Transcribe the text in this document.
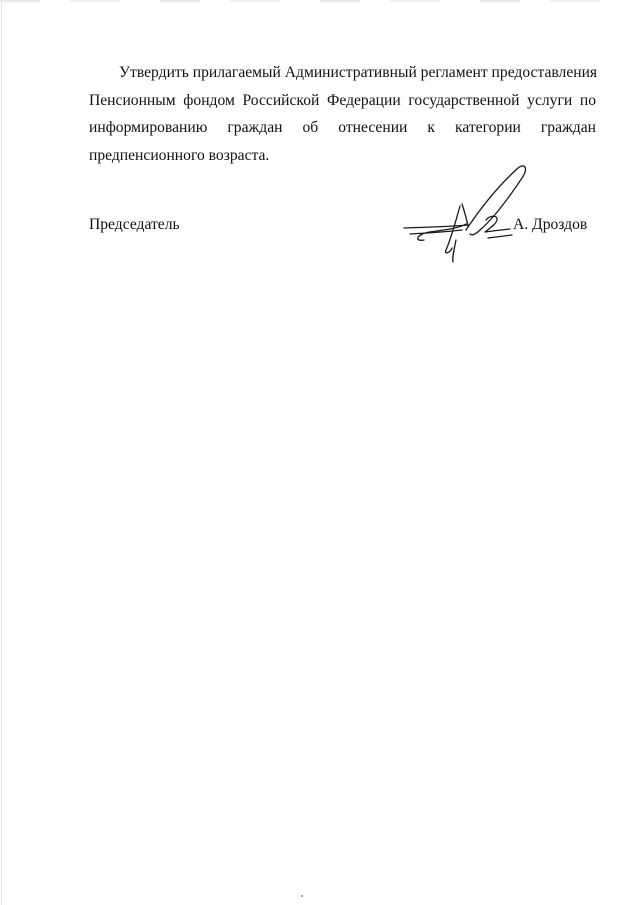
Утвердить прилагаемый Административный регламент предоставления
Пенсионным фондом Российской Федерации государственной услуги по
информированию граждан об отнесении к категории граждан
предпенсионного возраста.

Председатель	А. Дроздов
